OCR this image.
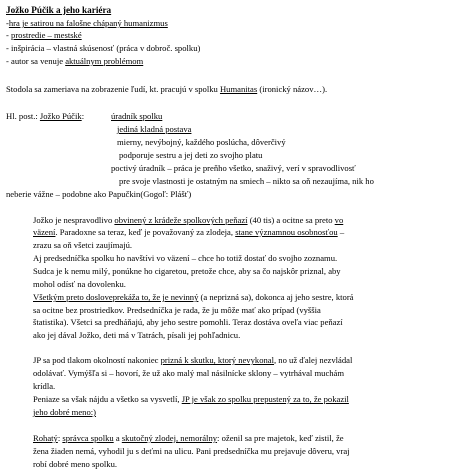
Jožko Púčik a jeho kariéra
-hra je satirou na falošne chápaný humanizmus
- prostredie – mestské
- inšpirácia – vlastná skúsenosť (práca v dobroč. spolku)
- autor sa venuje aktuálnym problémom
Stodola sa zameriava na zobrazenie ľudí, kt. pracujú v spolku Humanitas (ironický názov…).
Hl. post.: Jožko Púčik:	úradník spolku
jediná kladná postava
mierny, nevýbojný, každého poslúcha, dôverčivý
podporuje sestru a jej deti zo svojho platu
poctivý úradník – práca je preňho všetko, snaživý, verí v spravodlivosť
pre svoje vlastnosti je ostatným na smiech – nikto sa oň nezaujíma, nik ho
neberie vážne – podobne ako Papučkin(Gogoľ: Plášť)
Jožko je nespravodlivo obvinený z krádeže spolkových peňazí (40 tis) a ocitne sa preto vo
väzení. Paradoxne sa teraz, keď je považovaný za zlodeja, stane významnou osobnosťou –
zrazu sa oň všetci zaujímajú.
Aj predsedníčka spolku ho navštívi vo väzení – chce ho totiž dostať do svojho zoznamu.
Sudca je k nemu milý, ponúkne ho cigaretou, pretože chce, aby sa čo najskôr priznal, aby
mohol odísť na dovolenku.
Všetkým preto dosloveprekáža to, že je nevinný (a neprizná sa), dokonca aj jeho sestre, ktorá
sa ocitne bez prostriedkov. Predsedníčka je rada, že ju môže mať ako prípad (vyššia
štatistika). Všetci sa predháňajú, aby jeho sestre pomohli. Teraz dostáva oveľa viac peňazí
ako jej dával Jožko, deti má v Tatrách, písali jej pohľadnicu.
JP sa pod tlakom okolností nakoniec prizná k skutku, ktorý nevykonal, no už ďalej nezvládal
odolávať. Vymýšľa si – hovorí, že už ako malý mal násilnícke sklony – vytrhával muchám
krídla.
Peniaze sa však nájdu a všetko sa vysvetlí, JP je však zo spolku prepustený za to, že pokazil
jeho dobré meno:)
Rohatý: správca spolku a skutočný zlodej, nemorálny: oženil sa pre majetok, keď zistil, že
žena žiaden nemá, vyhodil ju s deťmi na ulicu. Pani predsedníčka mu prejavuje dôveru, vraj
robí dobré meno spolku.
